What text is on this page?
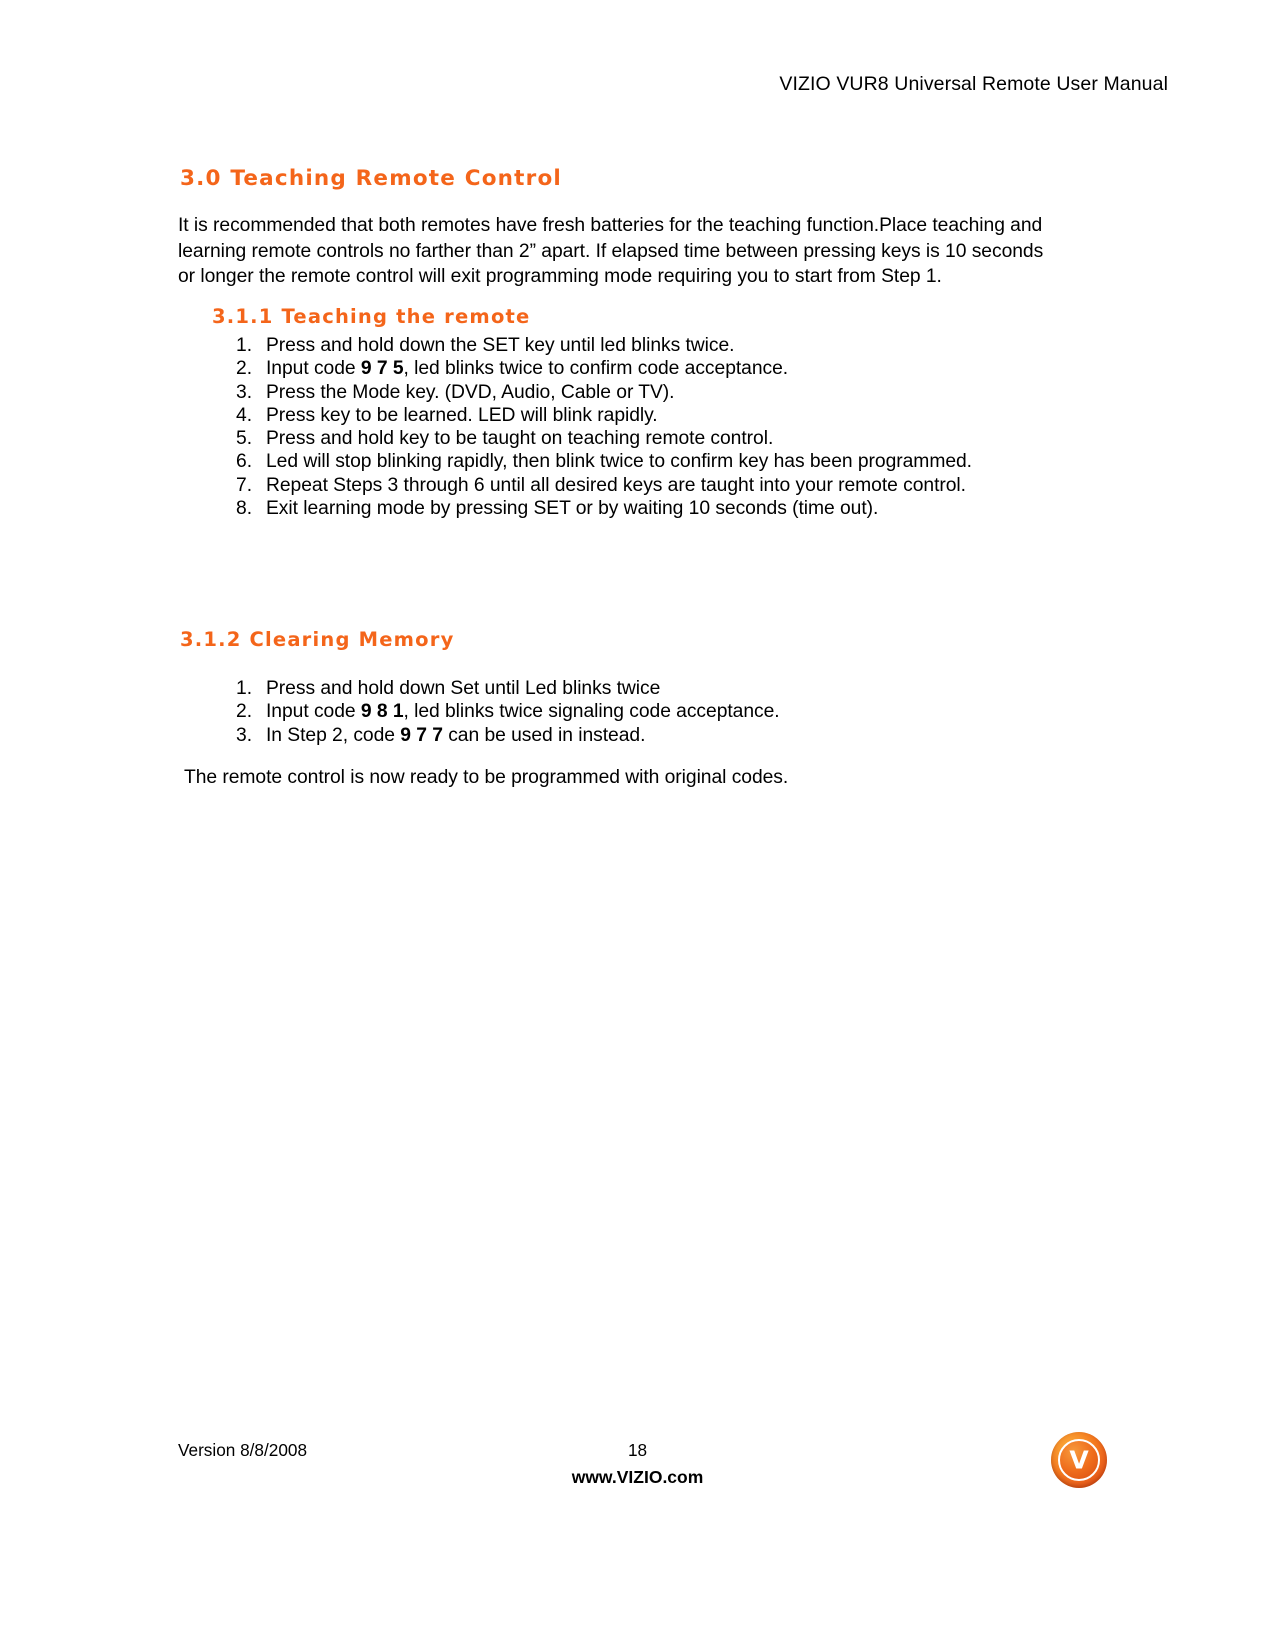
VIZIO VUR8 Universal Remote User Manual
3.0 Teaching Remote Control
It is recommended that both remotes have fresh batteries for the teaching function.Place teaching and learning remote controls no farther than 2” apart. If elapsed time between pressing keys is 10 seconds or longer the remote control will exit programming mode requiring you to start from Step 1.
3.1.1 Teaching the remote
1. Press and hold down the SET key until led blinks twice.
2. Input code 9 7 5, led blinks twice to confirm code acceptance.
3. Press the Mode key. (DVD, Audio, Cable or TV).
4. Press key to be learned. LED will blink rapidly.
5. Press and hold key to be taught on teaching remote control.
6. Led will stop blinking rapidly, then blink twice to confirm key has been programmed.
7. Repeat Steps 3 through 6 until all desired keys are taught into your remote control.
8. Exit learning mode by pressing SET or by waiting 10 seconds (time out).
3.1.2 Clearing Memory
1. Press and hold down Set until Led blinks twice
2. Input code 9 8 1, led blinks twice signaling code acceptance.
3. In Step 2, code 9 7 7 can be used in instead.
The remote control is now ready to be programmed with original codes.
Version 8/8/2008	18
www.VIZIO.com
V
